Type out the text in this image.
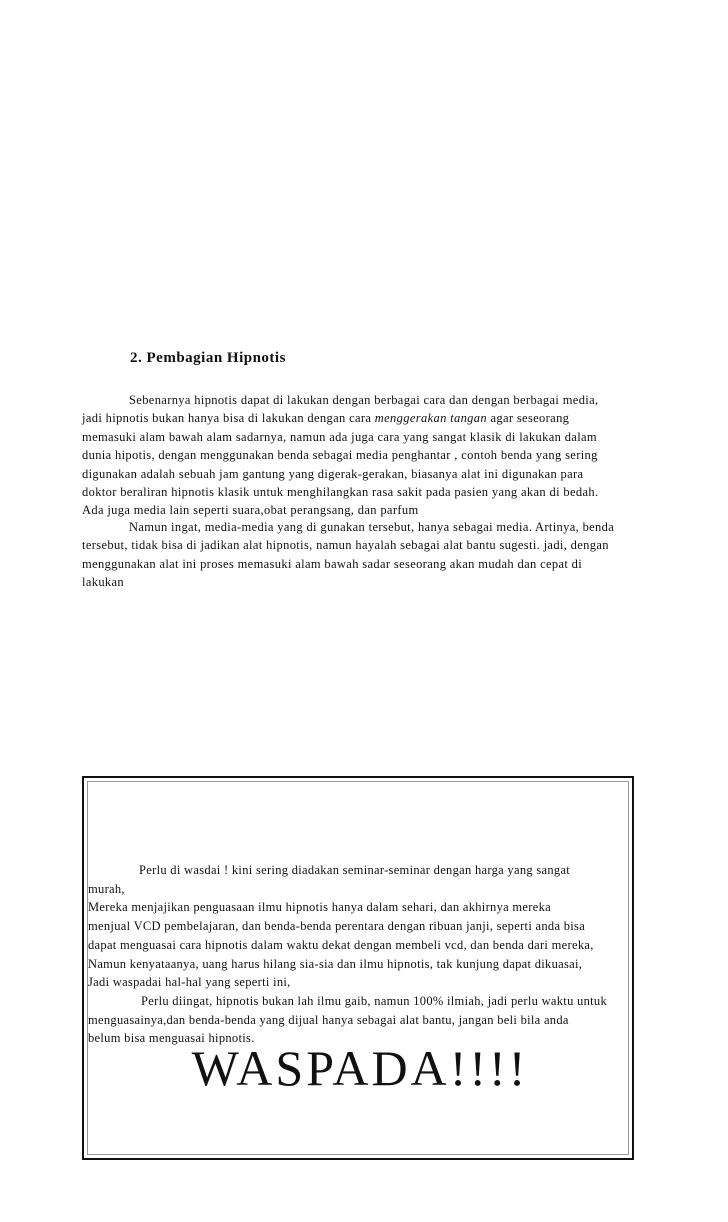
2. Pembagian Hipnotis

Sebenarnya hipnotis dapat di lakukan dengan berbagai cara dan dengan berbagai media,
jadi hipnotis bukan hanya bisa di lakukan dengan cara menggerakan tangan agar seseorang
memasuki alam bawah alam sadarnya, namun ada juga cara yang sangat klasik di lakukan dalam
dunia hipotis, dengan menggunakan benda sebagai media penghantar , contoh benda yang sering
digunakan adalah sebuah jam gantung yang digerak-gerakan, biasanya alat ini digunakan para
doktor beraliran hipnotis klasik untuk menghilangkan rasa sakit pada pasien yang akan di bedah.
Ada juga media lain seperti suara,obat perangsang, dan parfum

Namun ingat, media-media yang di gunakan tersebut, hanya sebagai media. Artinya, benda
tersebut, tidak bisa di jadikan alat hipnotis, namun hayalah sebagai alat bantu sugesti. jadi, dengan
menggunakan alat ini proses memasuki alam bawah sadar seseorang akan mudah dan cepat di
lakukan

Perlu di wasdai ! kini sering diadakan seminar-seminar dengan harga yang sangat
murah,
Mereka menjajikan penguasaan ilmu hipnotis hanya dalam sehari, dan akhirnya mereka
menjual VCD pembelajaran, dan benda-benda perentara dengan ribuan janji, seperti anda bisa
dapat menguasai cara hipnotis dalam waktu dekat dengan membeli vcd, dan benda dari mereka,
Namun kenyataanya, uang harus hilang sia-sia dan ilmu hipnotis, tak kunjung dapat dikuasai,
Jadi waspadai hal-hal yang seperti ini,
Perlu diingat, hipnotis bukan lah ilmu gaib, namun 100% ilmiah, jadi perlu waktu untuk
menguasainya,dan benda-benda yang dijual hanya sebagai alat bantu, jangan beli bila anda
belum bisa menguasai hipnotis.

WASPADA!!!!
